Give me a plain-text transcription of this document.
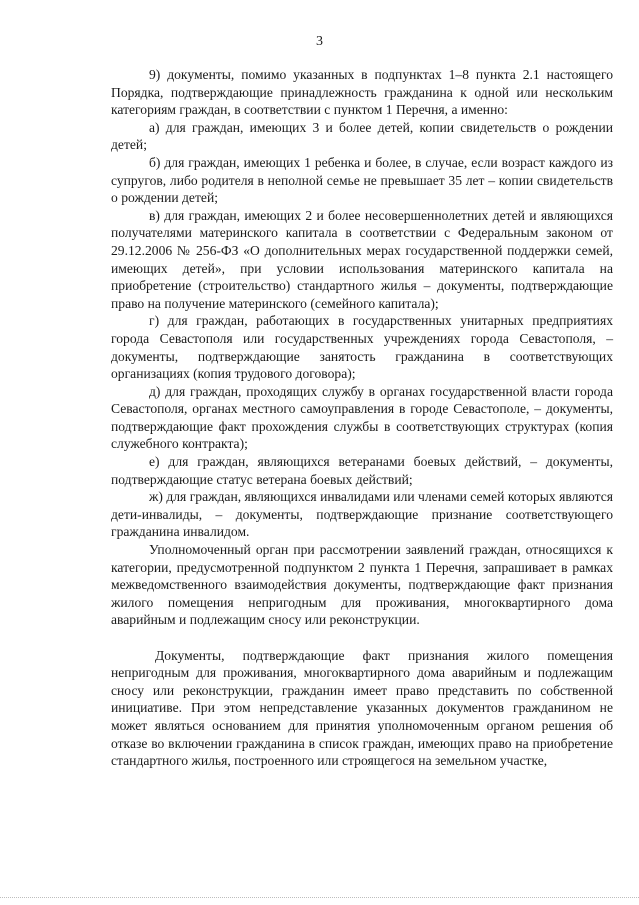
3

9) документы, помимо указанных в подпунктах 1–8 пункта 2.1 настоящего Порядка, подтверждающие принадлежность гражданина к одной или нескольким категориям граждан, в соответствии с пунктом 1 Перечня, а именно:

а) для граждан, имеющих 3 и более детей, копии свидетельств о рождении детей;

б) для граждан, имеющих 1 ребенка и более, в случае, если возраст каждого из супругов, либо родителя в неполной семье не превышает 35 лет – копии свидетельств о рождении детей;

в) для граждан, имеющих 2 и более несовершеннолетних детей и являющихся получателями материнского капитала в соответствии с Федеральным законом от 29.12.2006 № 256-ФЗ «О дополнительных мерах государственной поддержки семей, имеющих детей», при условии использования материнского капитала на приобретение (строительство) стандартного жилья – документы, подтверждающие право на получение материнского (семейного капитала);

г) для граждан, работающих в государственных унитарных предприятиях города Севастополя или государственных учреждениях города Севастополя, – документы, подтверждающие занятость гражданина в соответствующих организациях (копия трудового договора);

д) для граждан, проходящих службу в органах государственной власти города Севастополя, органах местного самоуправления в городе Севастополе, – документы, подтверждающие факт прохождения службы в соответствующих структурах (копия служебного контракта);

е) для граждан, являющихся ветеранами боевых действий, – документы, подтверждающие статус ветерана боевых действий;

ж) для граждан, являющихся инвалидами или членами семей которых являются дети-инвалиды, – документы, подтверждающие признание соответствующего гражданина инвалидом.

Уполномоченный орган при рассмотрении заявлений граждан, относящихся к категории, предусмотренной подпунктом 2 пункта 1 Перечня, запрашивает в рамках межведомственного взаимодействия документы, подтверждающие факт признания жилого помещения непригодным для проживания, многоквартирного дома аварийным и подлежащим сносу или реконструкции.

Документы, подтверждающие факт признания жилого помещения непригодным для проживания, многоквартирного дома аварийным и подлежащим сносу или реконструкции, гражданин имеет право представить по собственной инициативе. При этом непредставление указанных документов гражданином не может являться основанием для принятия уполномоченным органом решения об отказе во включении гражданина в список граждан, имеющих право на приобретение стандартного жилья, построенного или строящегося на земельном участке,
